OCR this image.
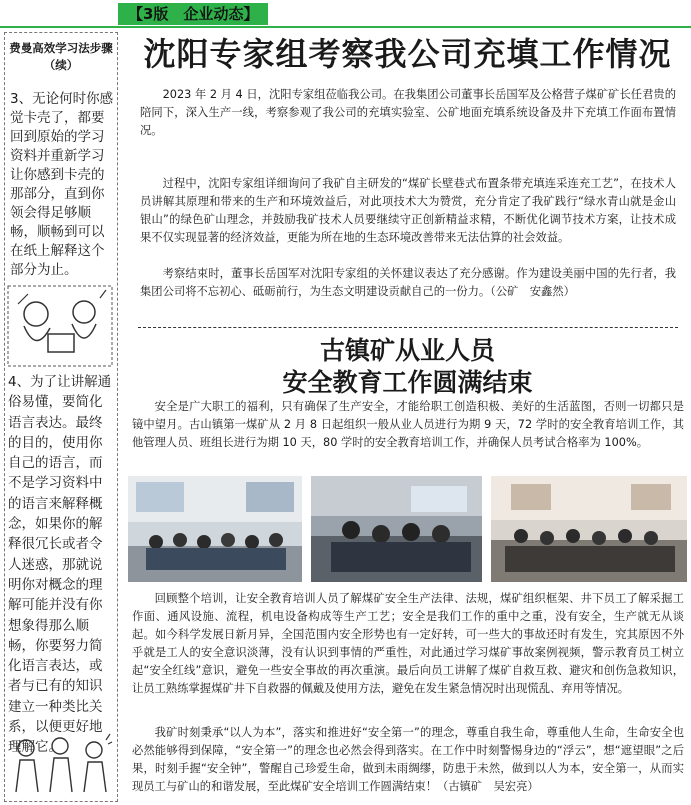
【3版　企业动态】
费曼高效学习法步骤（续）
3、无论何时你感觉卡壳了，都要回到原始的学习资料并重新学习让你感到卡壳的那部分，直到你领会得足够顺畅，顺畅到可以在纸上解释这个部分为止。
4、为了让讲解通俗易懂，要简化语言表达。最终的目的，使用你自己的语言，而不是学习资料中的语言来解释概念，如果你的解释很冗长或者令人迷惑，那就说明你对概念的理解可能并没有你想象得那么顺畅，你要努力简化语言表达，或者与已有的知识建立一种类比关系，以便更好地理解它。
沈阳专家组考察我公司充填工作情况

2023 年 2 月 4 日，沈阳专家组莅临我公司。在我集团公司董事长岳国军及公格营子煤矿矿长任君贵的陪同下，深入生产一线，考察参观了我公司的充填实验室、公矿地面充填系统设备及井下充填工作面布置情况。

过程中，沈阳专家组详细询问了我矿自主研发的“煤矿长壁巷式布置条带充填连采连充工艺”，在技术人员讲解其原理和带来的生产和环境效益后，对此项技术大为赞赏，充分肯定了我矿践行“绿水青山就是金山银山”的绿色矿山理念，并鼓励我矿技术人员要继续守正创新精益求精，不断优化调节技术方案，让技术成果不仅实现显著的经济效益，更能为所在地的生态环境改善带来无法估算的社会效益。

考察结束时，董事长岳国军对沈阳专家组的关怀建议表达了充分感谢。作为建设美丽中国的先行者，我集团公司将不忘初心、砥砺前行，为生态文明建设贡献自己的一份力。（公矿　安鑫然）

古镇矿从业人员
安全教育工作圆满结束

安全是广大职工的福利，只有确保了生产安全，才能给职工创造积极、美好的生活蓝图，否则一切都只是镜中望月。古山镇第一煤矿从 2 月 8 日起组织一般从业人员进行为期 9 天，72 学时的安全教育培训工作，其他管理人员、班组长进行为期 10 天，80 学时的安全教育培训工作，并确保人员考试合格率为 100%。

回顾整个培训，让安全教育培训人员了解煤矿安全生产法律、法规，煤矿组织框架、井下员工了解采掘工作面、通风设施、流程，机电设备构成等生产工艺；安全是我们工作的重中之重，没有安全，生产就无从谈起。如今科学发展日新月异，全国范围内安全形势也有一定好转，可一些大的事故还时有发生，究其原因不外乎就是工人的安全意识淡薄，没有认识到事情的严重性，对此通过学习煤矿事故案例视频，警示教育员工树立起“安全红线”意识，避免一些安全事故的再次重演。最后向员工讲解了煤矿自救互救、避灾和创伤急救知识，让员工熟练掌握煤矿井下自救器的佩戴及使用方法，避免在发生紧急情况时出现慌乱、弃用等情况。

我矿时刻秉承“以人为本”，落实和推进好“安全第一”的理念，尊重自我生命，尊重他人生命，生命安全也必然能够得到保障，“安全第一”的理念也必然会得到落实。在工作中时刻警惕身边的“浮云”，想“遮望眼”之后果，时刻手握“安全钟”，警醒自己珍爱生命，做到未雨绸缪，防患于未然，做到以人为本，安全第一，从而实现员工与矿山的和谐发展，至此煤矿安全培训工作圆满结束！（古镇矿　吴宏亮）
